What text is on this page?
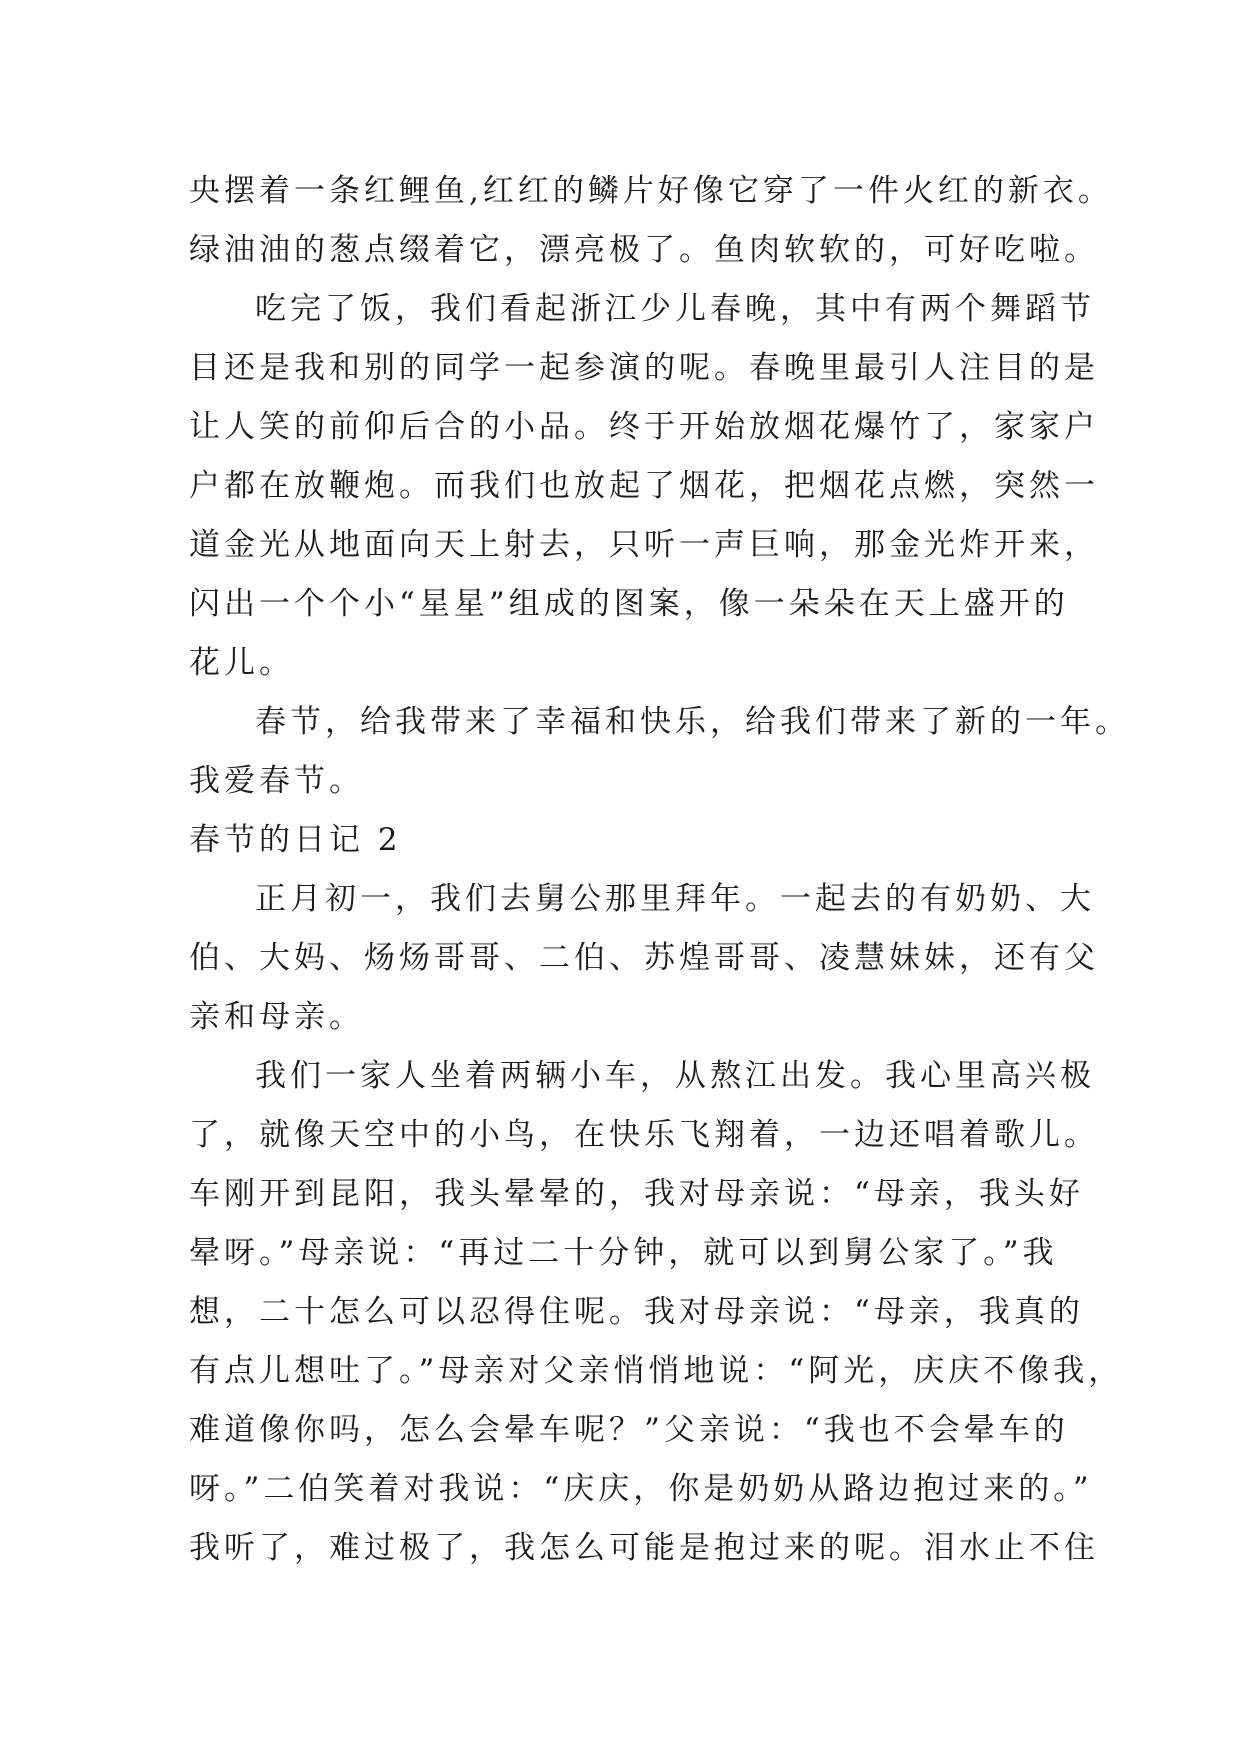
央摆着一条红鲤鱼,红红的鳞片好像它穿了一件火红的新衣。
绿油油的葱点缀着它，漂亮极了。鱼肉软软的，可好吃啦。
吃完了饭，我们看起浙江少儿春晚，其中有两个舞蹈节
目还是我和别的同学一起参演的呢。春晚里最引人注目的是
让人笑的前仰后合的小品。终于开始放烟花爆竹了，家家户
户都在放鞭炮。而我们也放起了烟花，把烟花点燃，突然一
道金光从地面向天上射去，只听一声巨响，那金光炸开来，
闪出一个个小“星星”组成的图案，像一朵朵在天上盛开的
花儿。
春节，给我带来了幸福和快乐，给我们带来了新的一年。
我爱春节。
春节的日记 2
正月初一，我们去舅公那里拜年。一起去的有奶奶、大
伯、大妈、炀炀哥哥、二伯、苏煌哥哥、凌慧妹妹，还有父
亲和母亲。
我们一家人坐着两辆小车，从熬江出发。我心里高兴极
了，就像天空中的小鸟，在快乐飞翔着，一边还唱着歌儿。
车刚开到昆阳，我头晕晕的，我对母亲说：“母亲，我头好
晕呀。”母亲说：“再过二十分钟，就可以到舅公家了。”我
想，二十怎么可以忍得住呢。我对母亲说：“母亲，我真的
有点儿想吐了。”母亲对父亲悄悄地说：“阿光，庆庆不像我，
难道像你吗，怎么会晕车呢？”父亲说：“我也不会晕车的
呀。”二伯笑着对我说：“庆庆，你是奶奶从路边抱过来的。”
我听了，难过极了，我怎么可能是抱过来的呢。泪水止不住
